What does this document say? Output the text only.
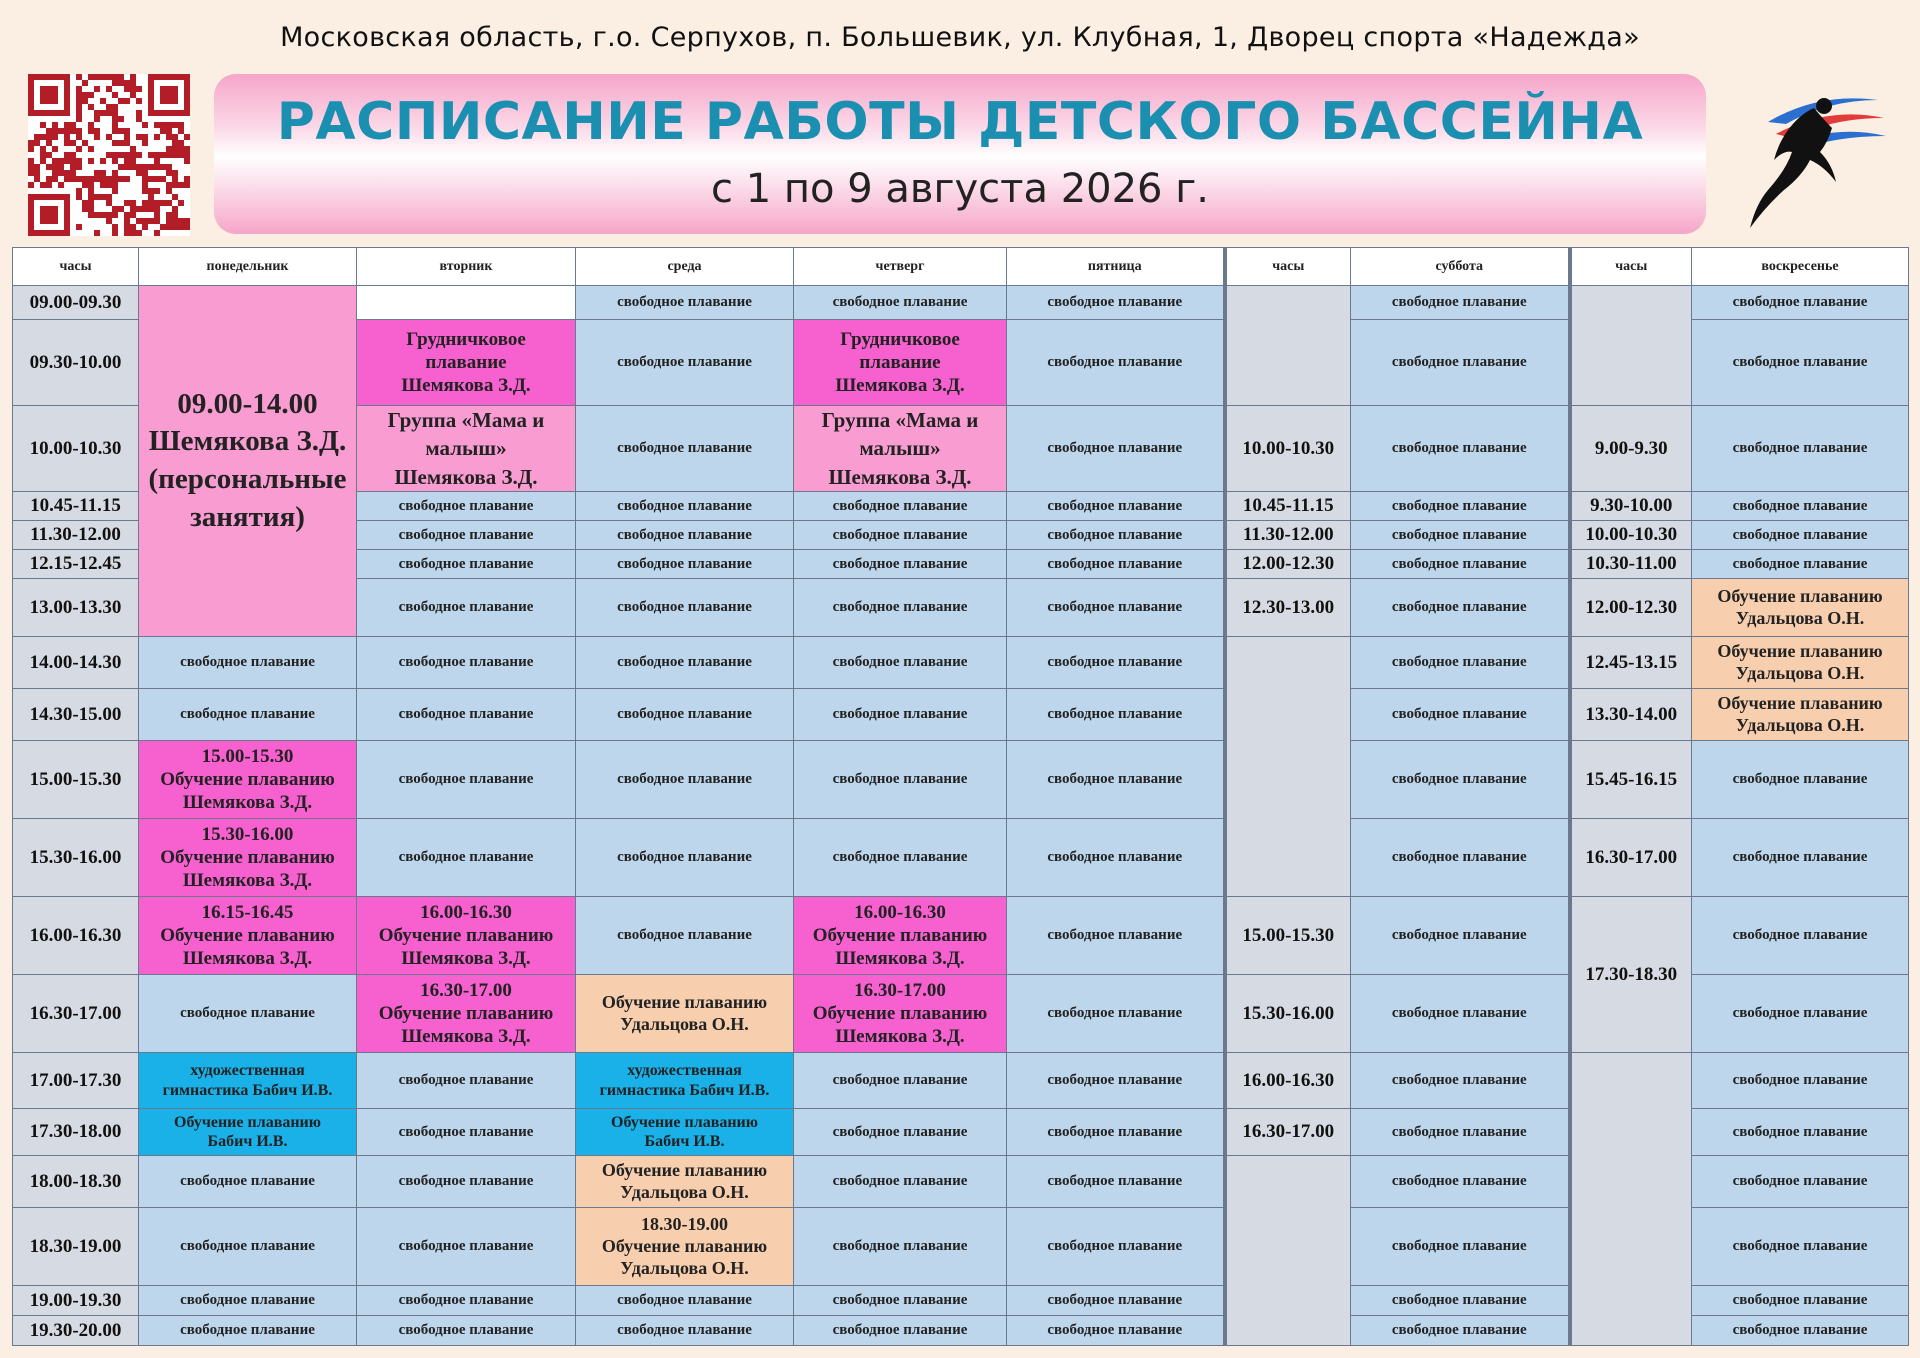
Московская область, г.о. Серпухов, п. Большевик, ул. Клубная, 1, Дворец спорта «Надежда»
РАСПИСАНИЕ РАБОТЫ ДЕТСКОГО БАССЕЙНА
с 1 по 9 августа 2026 г.
часы	понедельник	вторник	среда	четверг	пятница	часы	суббота	часы	воскресенье
09.00-09.30	09.00-14.00
Шемякова З.Д.
(персональные
занятия)		свободное плавание	свободное плавание	свободное плавание		свободное плавание		свободное плавание
09.30-10.00		Грудничковое
плавание
Шемякова З.Д.	свободное плавание	Грудничковое
плавание
Шемякова З.Д.	свободное плавание		свободное плавание		свободное плавание
10.00-10.30		Группа «Мама и
малыш»
Шемякова З.Д.	свободное плавание	Группа «Мама и
малыш»
Шемякова З.Д.	свободное плавание	10.00-10.30	свободное плавание	9.00-9.30	свободное плавание
10.45-11.15		свободное плавание	свободное плавание	свободное плавание	свободное плавание	10.45-11.15	свободное плавание	9.30-10.00	свободное плавание
11.30-12.00		свободное плавание	свободное плавание	свободное плавание	свободное плавание	11.30-12.00	свободное плавание	10.00-10.30	свободное плавание
12.15-12.45		свободное плавание	свободное плавание	свободное плавание	свободное плавание	12.00-12.30	свободное плавание	10.30-11.00	свободное плавание
13.00-13.30		свободное плавание	свободное плавание	свободное плавание	свободное плавание	12.30-13.00	свободное плавание	12.00-12.30	Обучение плаванию
Удальцова О.Н.

14.00-14.30	свободное плавание	свободное плавание	свободное плавание	свободное плавание	свободное плавание		свободное плавание	12.45-13.15	Обучение плаванию
Удальцова О.Н.

14.30-15.00	свободное плавание	свободное плавание	свободное плавание	свободное плавание	свободное плавание		свободное плавание	13.30-14.00	Обучение плаванию
Удальцова О.Н.

15.00-15.30	15.00-15.30
Обучение плаванию
Шемякова З.Д.	свободное плавание	свободное плавание	свободное плавание	свободное плавание		свободное плавание	15.45-16.15	свободное плавание
15.30-16.00	15.30-16.00
Обучение плаванию
Шемякова З.Д.	свободное плавание	свободное плавание	свободное плавание	свободное плавание		свободное плавание	16.30-17.00	свободное плавание
16.00-16.30	16.15-16.45
Обучение плаванию
Шемякова З.Д.	16.00-16.30
Обучение плаванию
Шемякова З.Д.	свободное плавание	16.00-16.30
Обучение плаванию
Шемякова З.Д.	свободное плавание	15.00-15.30	свободное плавание	17.30-18.30	свободное плавание
16.30-17.00	свободное плавание	16.30-17.00
Обучение плаванию
Шемякова З.Д.	Обучение плаванию
Удальцова О.Н.	16.30-17.00
Обучение плаванию
Шемякова З.Д.	свободное плавание	15.30-16.00	свободное плавание		свободное плавание
17.00-17.30	художественная
гимнастика Бабич И.В.	свободное плавание	художественная
гимнастика Бабич И.В.	свободное плавание	свободное плавание	16.00-16.30	свободное плавание		свободное плавание
17.30-18.00	Обучение плаванию
Бабич И.В.	свободное плавание	Обучение плаванию
Бабич И.В.	свободное плавание	свободное плавание	16.30-17.00	свободное плавание		свободное плавание
18.00-18.30	свободное плавание	свободное плавание	Обучение плаванию
Удальцова О.Н.	свободное плавание	свободное плавание		свободное плавание		свободное плавание
18.30-19.00	свободное плавание	свободное плавание	18.30-19.00
Обучение плаванию
Удальцова О.Н.	свободное плавание	свободное плавание		свободное плавание		свободное плавание
19.00-19.30	свободное плавание	свободное плавание	свободное плавание	свободное плавание	свободное плавание		свободное плавание		свободное плавание
19.30-20.00	свободное плавание	свободное плавание	свободное плавание	свободное плавание	свободное плавание		свободное плавание		свободное плавание
